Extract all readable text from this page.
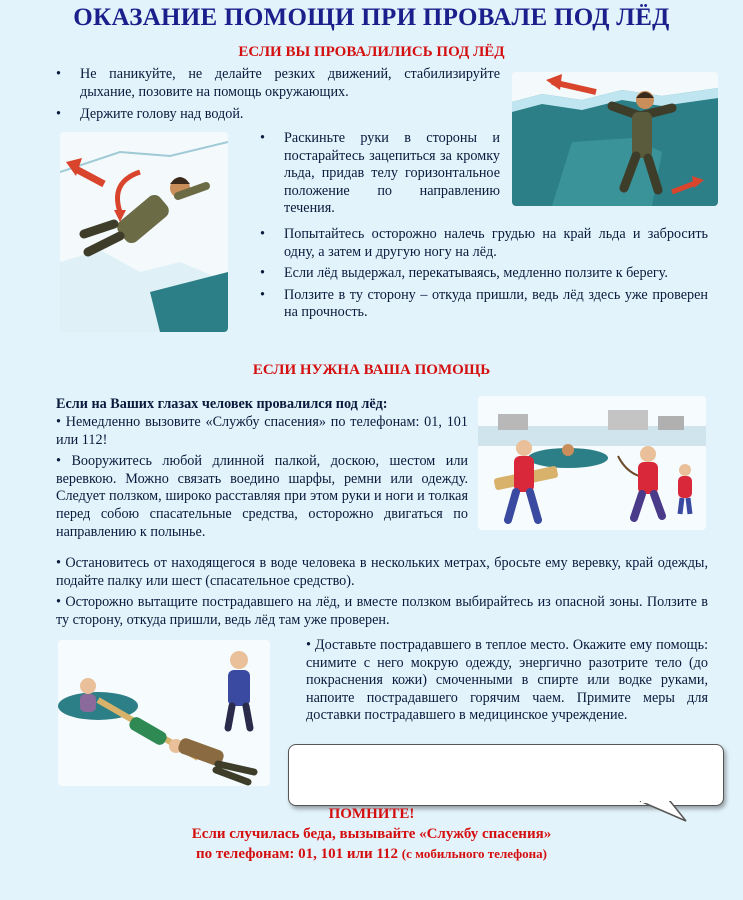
ОКАЗАНИЕ ПОМОЩИ ПРИ ПРОВАЛЕ ПОД ЛЁД
ЕСЛИ ВЫ ПРОВАЛИЛИСЬ ПОД ЛЁД
• Не паникуйте, не делайте резких движений, стабилизируйте дыхание, позовите на помощь окружающих.
• Держите голову над водой.
• Раскиньте руки в стороны и постарайтесь зацепиться за кромку льда, придав телу горизонтальное положение по направлению течения.
• Попытайтесь осторожно налечь грудью на край льда и забросить одну, а затем и другую ногу на лёд.
• Если лёд выдержал, перекатываясь, медленно ползите к берегу.
• Ползите в ту сторону – откуда пришли, ведь лёд здесь уже проверен на прочность.
ЕСЛИ НУЖНА ВАША ПОМОЩЬ
Если на Ваших глазах человек провалился под лёд:
• Немедленно вызовите «Службу спасения» по телефонам: 01, 101 или 112!
• Вооружитесь любой длинной палкой, доскою, шестом или веревкою. Можно связать воедино шарфы, ремни или одежду. Следует ползком, широко расставляя при этом руки и ноги и толкая перед собою спасательные средства, осторожно двигаться по направлению к полынье.
• Остановитесь от находящегося в воде человека в нескольких метрах, бросьте ему веревку, край одежды, подайте палку или шест (спасательное средство).
• Осторожно вытащите пострадавшего на лёд, и вместе ползком выбирайтесь из опасной зоны. Ползите в ту сторону, откуда пришли, ведь лёд там уже проверен.
• Доставьте пострадавшего в теплое место. Окажите ему помощь: снимите с него мокрую одежду, энергично разотрите тело (до покраснения кожи) смоченными в спирте или водке руками, напоите пострадавшего горячим чаем. Примите меры для доставки пострадавшего в медицинское учреждение.
ПОМНИТЕ!
Если случилась беда, вызывайте «Службу спасения»
по телефонам: 01, 101 или 112 (с мобильного телефона)
